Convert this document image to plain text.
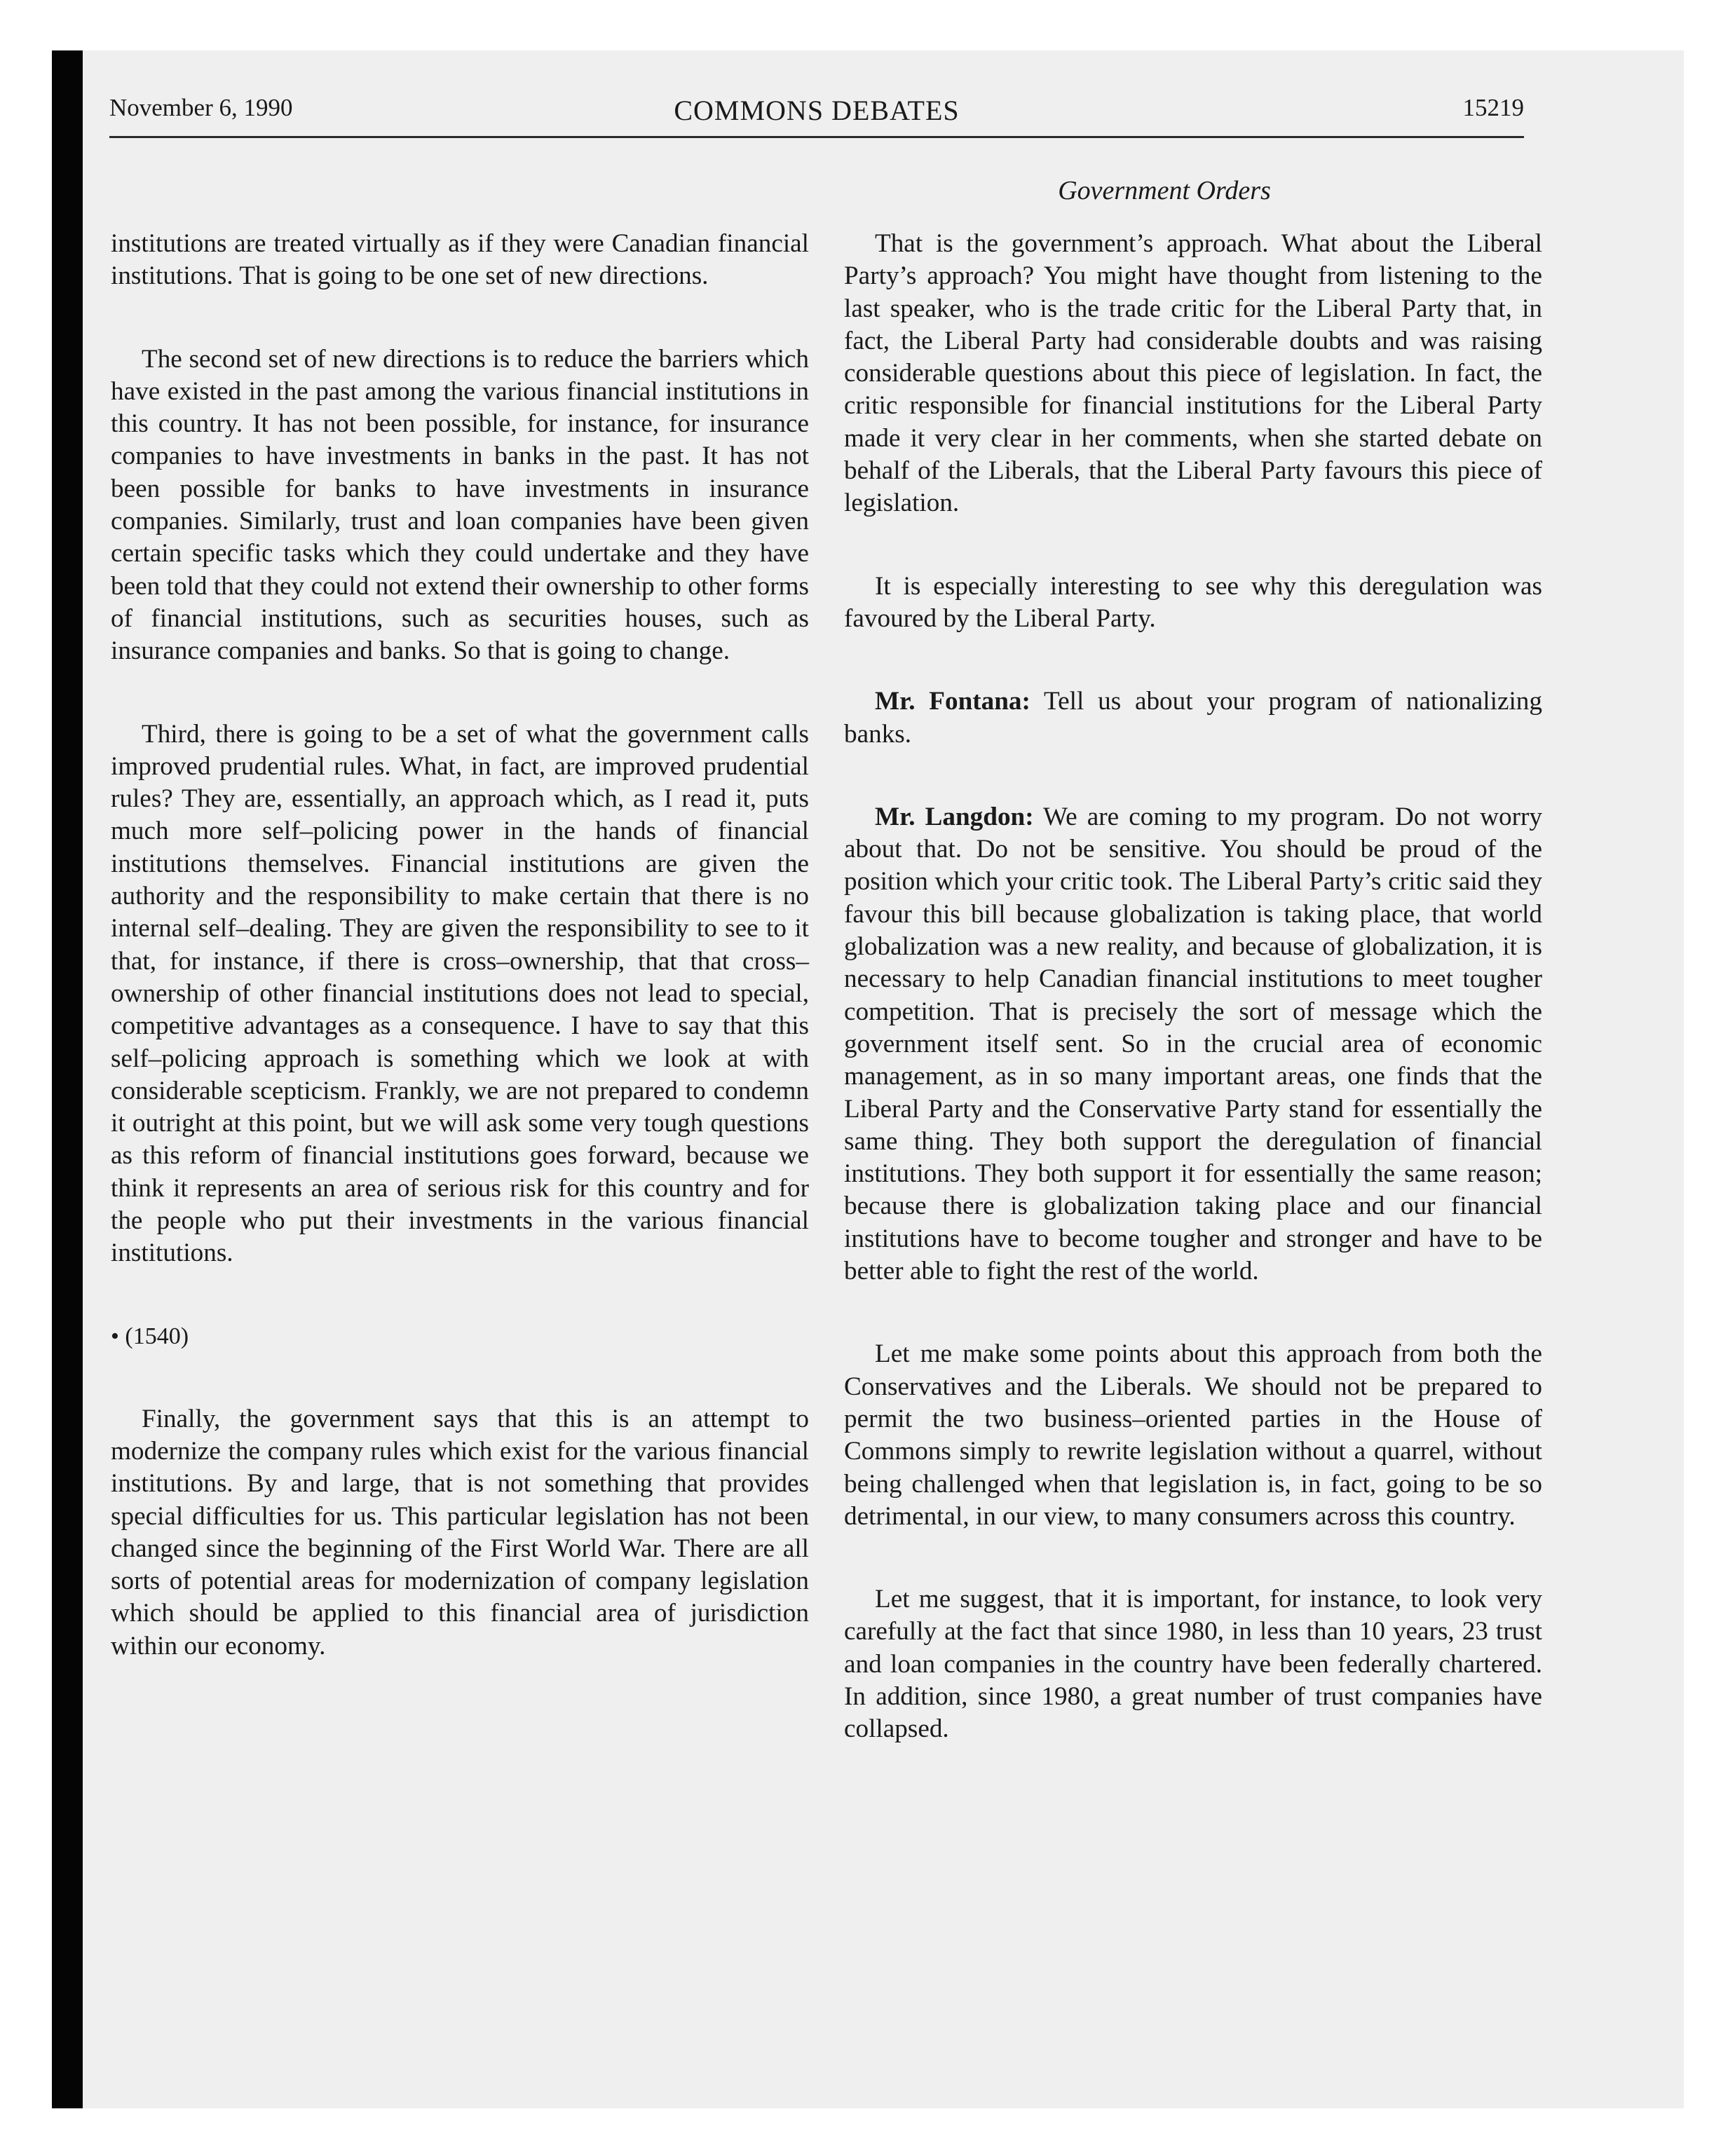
November 6, 1990	COMMONS DEBATES	15219
Government Orders

institutions are treated virtually as if they were Canadian financial institutions. That is going to be one set of new directions.

The second set of new directions is to reduce the barriers which have existed in the past among the various financial institutions in this country. It has not been possible, for instance, for insurance companies to have investments in banks in the past. It has not been possible for banks to have investments in insurance companies. Similarly, trust and loan companies have been given certain specific tasks which they could undertake and they have been told that they could not extend their ownership to other forms of financial institutions, such as securities houses, such as insurance companies and banks. So that is going to change.

Third, there is going to be a set of what the government calls improved prudential rules. What, in fact, are improved prudential rules? They are, essentially, an approach which, as I read it, puts much more self–policing power in the hands of financial institutions themselves. Financial institutions are given the authority and the responsibility to make certain that there is no internal self–dealing. They are given the responsibility to see to it that, for instance, if there is cross–ownership, that that cross–ownership of other financial institutions does not lead to special, competitive advantages as a consequence. I have to say that this self–policing approach is something which we look at with considerable scepticism. Frankly, we are not prepared to condemn it outright at this point, but we will ask some very tough questions as this reform of financial institutions goes forward, because we think it represents an area of serious risk for this country and for the people who put their investments in the various financial institutions.

• (1540)

Finally, the government says that this is an attempt to modernize the company rules which exist for the various financial institutions. By and large, that is not something that provides special difficulties for us. This particular legislation has not been changed since the beginning of the First World War. There are all sorts of potential areas for modernization of company legislation which should be applied to this financial area of jurisdiction within our economy.

That is the government’s approach. What about the Liberal Party’s approach? You might have thought from listening to the last speaker, who is the trade critic for the Liberal Party that, in fact, the Liberal Party had considerable doubts and was raising considerable questions about this piece of legislation. In fact, the critic responsible for financial institutions for the Liberal Party made it very clear in her comments, when she started debate on behalf of the Liberals, that the Liberal Party favours this piece of legislation.

It is especially interesting to see why this deregulation was favoured by the Liberal Party.

Mr. Fontana: Tell us about your program of nationalizing banks.

Mr. Langdon: We are coming to my program. Do not worry about that. Do not be sensitive. You should be proud of the position which your critic took. The Liberal Party’s critic said they favour this bill because globalization is taking place, that world globalization was a new reality, and because of globalization, it is necessary to help Canadian financial institutions to meet tougher competition. That is precisely the sort of message which the government itself sent. So in the crucial area of economic management, as in so many important areas, one finds that the Liberal Party and the Conservative Party stand for essentially the same thing. They both support the deregulation of financial institutions. They both support it for essentially the same reason; because there is globalization taking place and our financial institutions have to become tougher and stronger and have to be better able to fight the rest of the world.

Let me make some points about this approach from both the Conservatives and the Liberals. We should not be prepared to permit the two business–oriented parties in the House of Commons simply to rewrite legislation without a quarrel, without being challenged when that legislation is, in fact, going to be so detrimental, in our view, to many consumers across this country.

Let me suggest, that it is important, for instance, to look very carefully at the fact that since 1980, in less than 10 years, 23 trust and loan companies in the country have been federally chartered. In addition, since 1980, a great number of trust companies have collapsed.
